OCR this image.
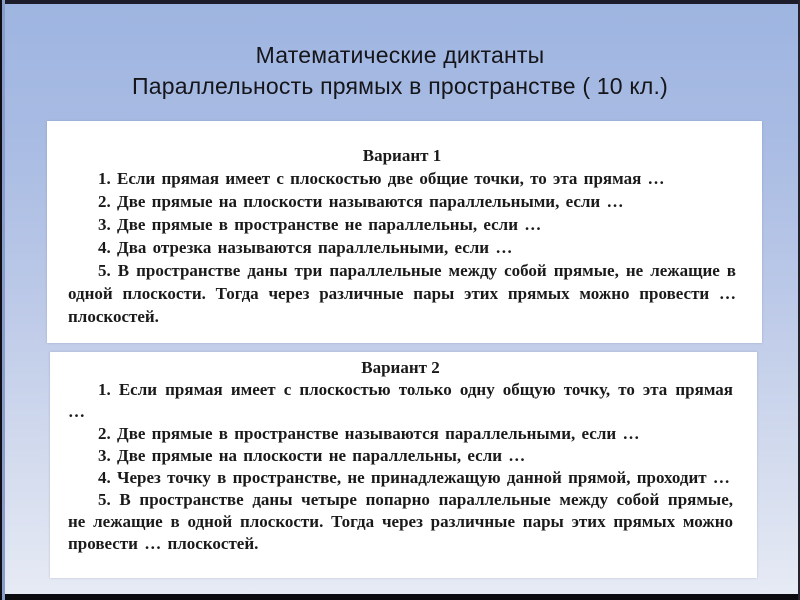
Математические диктанты
Параллельность прямых в пространстве ( 10 кл.)

Вариант 1

1. Если прямая имеет с плоскостью две общие точки, то эта прямая …

2. Две прямые на плоскости называются параллельными, если …

3. Две прямые в пространстве не параллельны, если …

4. Два отрезка называются параллельными, если …

5. В пространстве даны три параллельные между собой прямые, не лежащие в одной плоскости. Тогда через различные пары этих прямых можно провести … плоскостей.

Вариант 2

1. Если прямая имеет с плоскостью только одну общую точку, то эта прямая …

2. Две прямые в пространстве называются параллельными, если …

3. Две прямые на плоскости не параллельны, если …

4. Через точку в пространстве, не принадлежащую данной прямой, проходит …

5. В пространстве даны четыре попарно параллельные между собой прямые, не лежащие в одной плоскости. Тогда через различные пары этих прямых можно провести … плоскостей.
